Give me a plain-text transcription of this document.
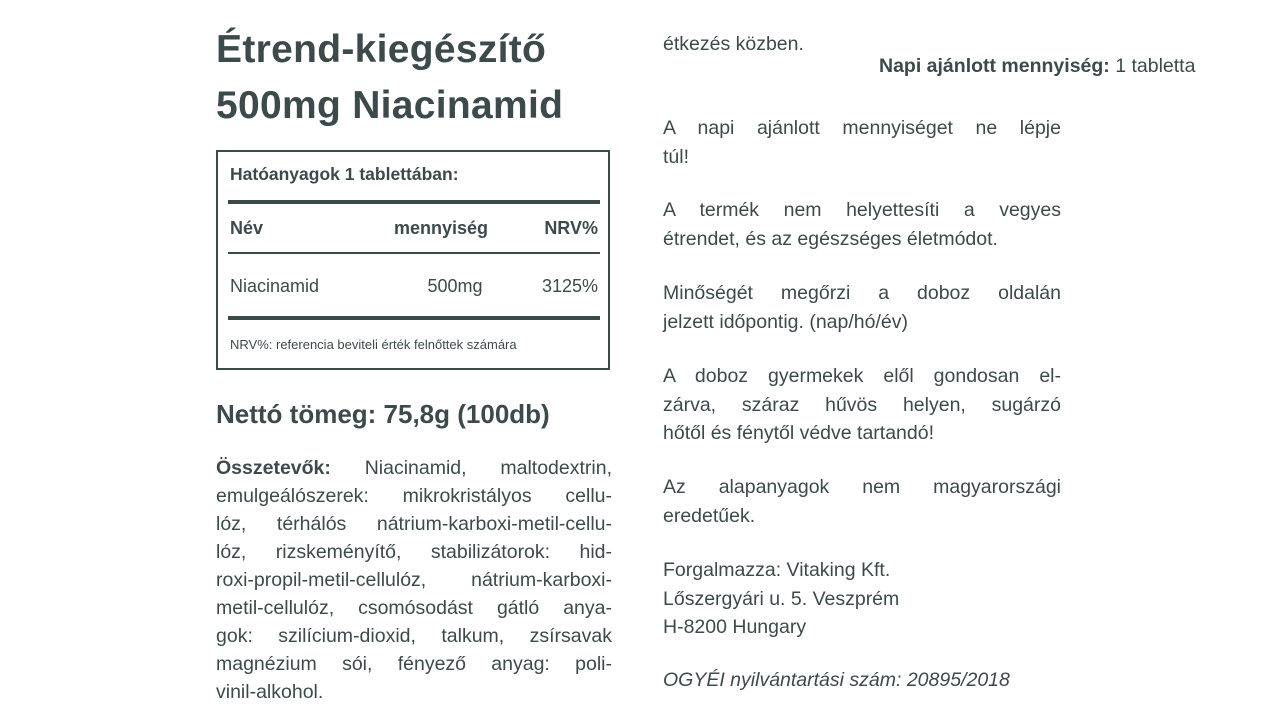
Étrend-kiegészítő
500mg Niacinamid
Hatóanyagok 1 tablettában:
Név	mennyiség	NRV%
Niacinamid	500mg	3125%
NRV%: referencia beviteli érték felnőttek számára
Nettó tömeg: 75,8g (100db)
Összetevők: Niacinamid, maltodextrin,
emulgeálószerek: mikrokristályos cellu-
lóz, térhálós nátrium-karboxi-metil-cellu-
lóz, rizskeményítő, stabilizátorok: hid-
roxi-propil-metil-cellulóz, nátrium-karboxi-
metil-cellulóz, csomósodást gátló anya-
gok: szilícium-dioxid, talkum, zsírsavak
magnézium sói, fényező anyag: poli-
vinil-alkohol.
Napi ajánlott mennyiség: 1 tabletta
étkezés közben.
A napi ajánlott mennyiséget ne lépje
túl!
A termék nem helyettesíti a vegyes
étrendet, és az egészséges életmódot.
Minőségét megőrzi a doboz oldalán
jelzett időpontig. (nap/hó/év)
A doboz gyermekek elől gondosan el-
zárva, száraz hűvös helyen, sugárzó
hőtől és fénytől védve tartandó!
Az alapanyagok nem magyarországi
eredetűek.
Forgalmazza: Vitaking Kft.
Lőszergyári u. 5. Veszprém
H-8200 Hungary
OGYÉI nyilvántartási szám: 20895/2018
